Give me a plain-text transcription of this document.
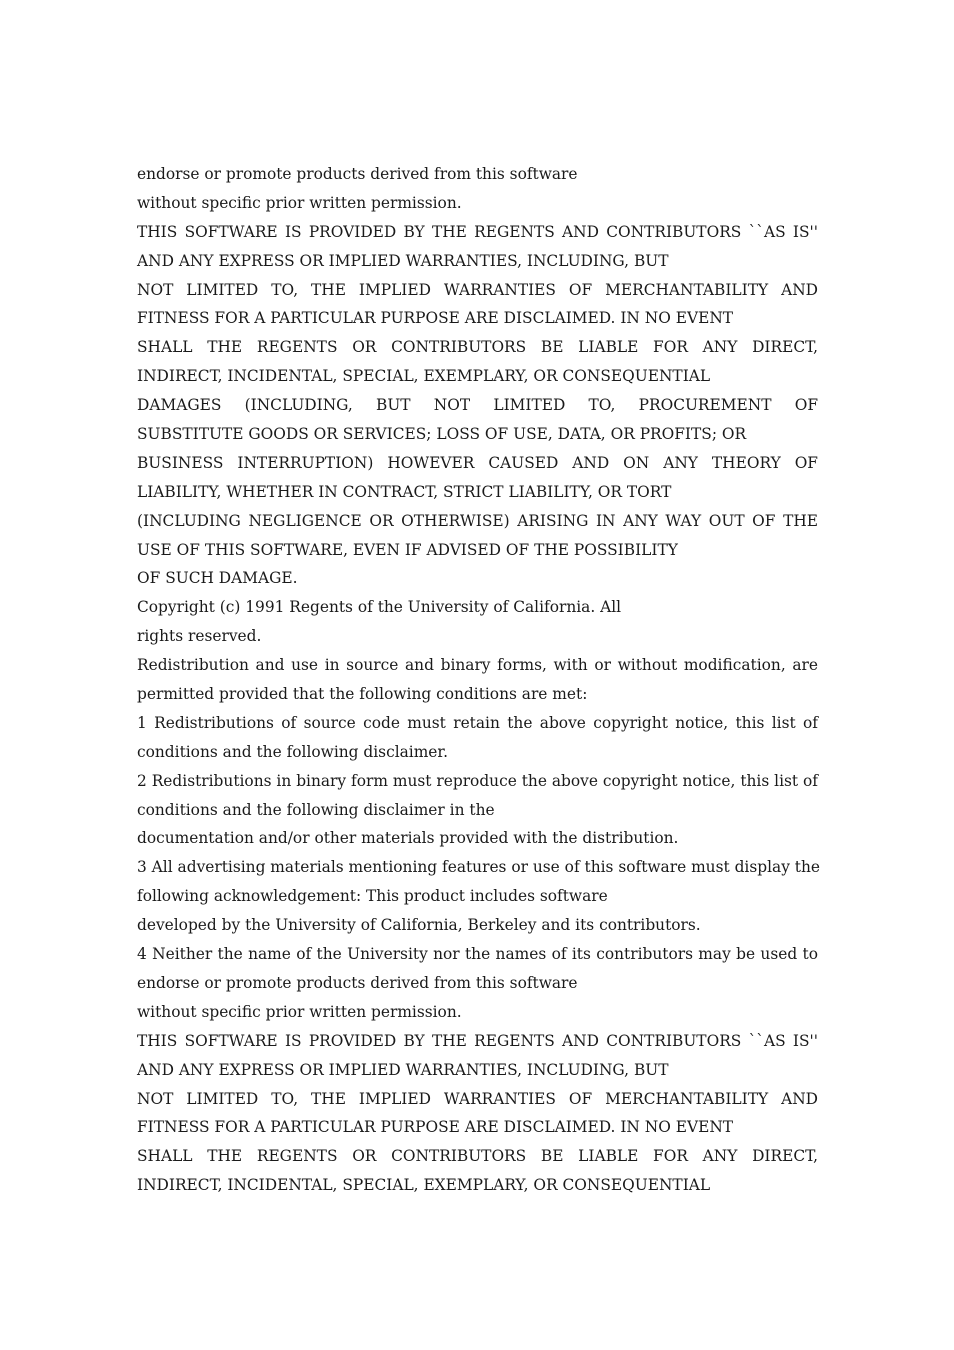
endorse or promote products derived from this software
without specific prior written permission.
THIS SOFTWARE IS PROVIDED BY THE REGENTS AND CONTRIBUTORS ``AS IS''
AND ANY EXPRESS OR IMPLIED WARRANTIES, INCLUDING, BUT
NOT LIMITED TO, THE IMPLIED WARRANTIES OF MERCHANTABILITY AND
FITNESS FOR A PARTICULAR PURPOSE ARE DISCLAIMED. IN NO EVENT
SHALL THE REGENTS OR CONTRIBUTORS BE LIABLE FOR ANY DIRECT,
INDIRECT, INCIDENTAL, SPECIAL, EXEMPLARY, OR CONSEQUENTIAL
DAMAGES (INCLUDING, BUT NOT LIMITED TO, PROCUREMENT OF
SUBSTITUTE GOODS OR SERVICES; LOSS OF USE, DATA, OR PROFITS; OR
BUSINESS INTERRUPTION) HOWEVER CAUSED AND ON ANY THEORY OF
LIABILITY, WHETHER IN CONTRACT, STRICT LIABILITY, OR TORT
(INCLUDING NEGLIGENCE OR OTHERWISE) ARISING IN ANY WAY OUT OF THE
USE OF THIS SOFTWARE, EVEN IF ADVISED OF THE POSSIBILITY
OF SUCH DAMAGE.
Copyright (c) 1991 Regents of the University of California. All
rights reserved.
Redistribution and use in source and binary forms, with or without modification, are
permitted provided that the following conditions are met:
1 Redistributions of source code must retain the above copyright notice, this list of
conditions and the following disclaimer.
2 Redistributions in binary form must reproduce the above copyright notice, this list of
conditions and the following disclaimer in the
documentation and/or other materials provided with the distribution.
3 All advertising materials mentioning features or use of this software must display the
following acknowledgement: This product includes software
developed by the University of California, Berkeley and its contributors.
4 Neither the name of the University nor the names of its contributors may be used to
endorse or promote products derived from this software
without specific prior written permission.
THIS SOFTWARE IS PROVIDED BY THE REGENTS AND CONTRIBUTORS ``AS IS''
AND ANY EXPRESS OR IMPLIED WARRANTIES, INCLUDING, BUT
NOT LIMITED TO, THE IMPLIED WARRANTIES OF MERCHANTABILITY AND
FITNESS FOR A PARTICULAR PURPOSE ARE DISCLAIMED. IN NO EVENT
SHALL THE REGENTS OR CONTRIBUTORS BE LIABLE FOR ANY DIRECT,
INDIRECT, INCIDENTAL, SPECIAL, EXEMPLARY, OR CONSEQUENTIAL
